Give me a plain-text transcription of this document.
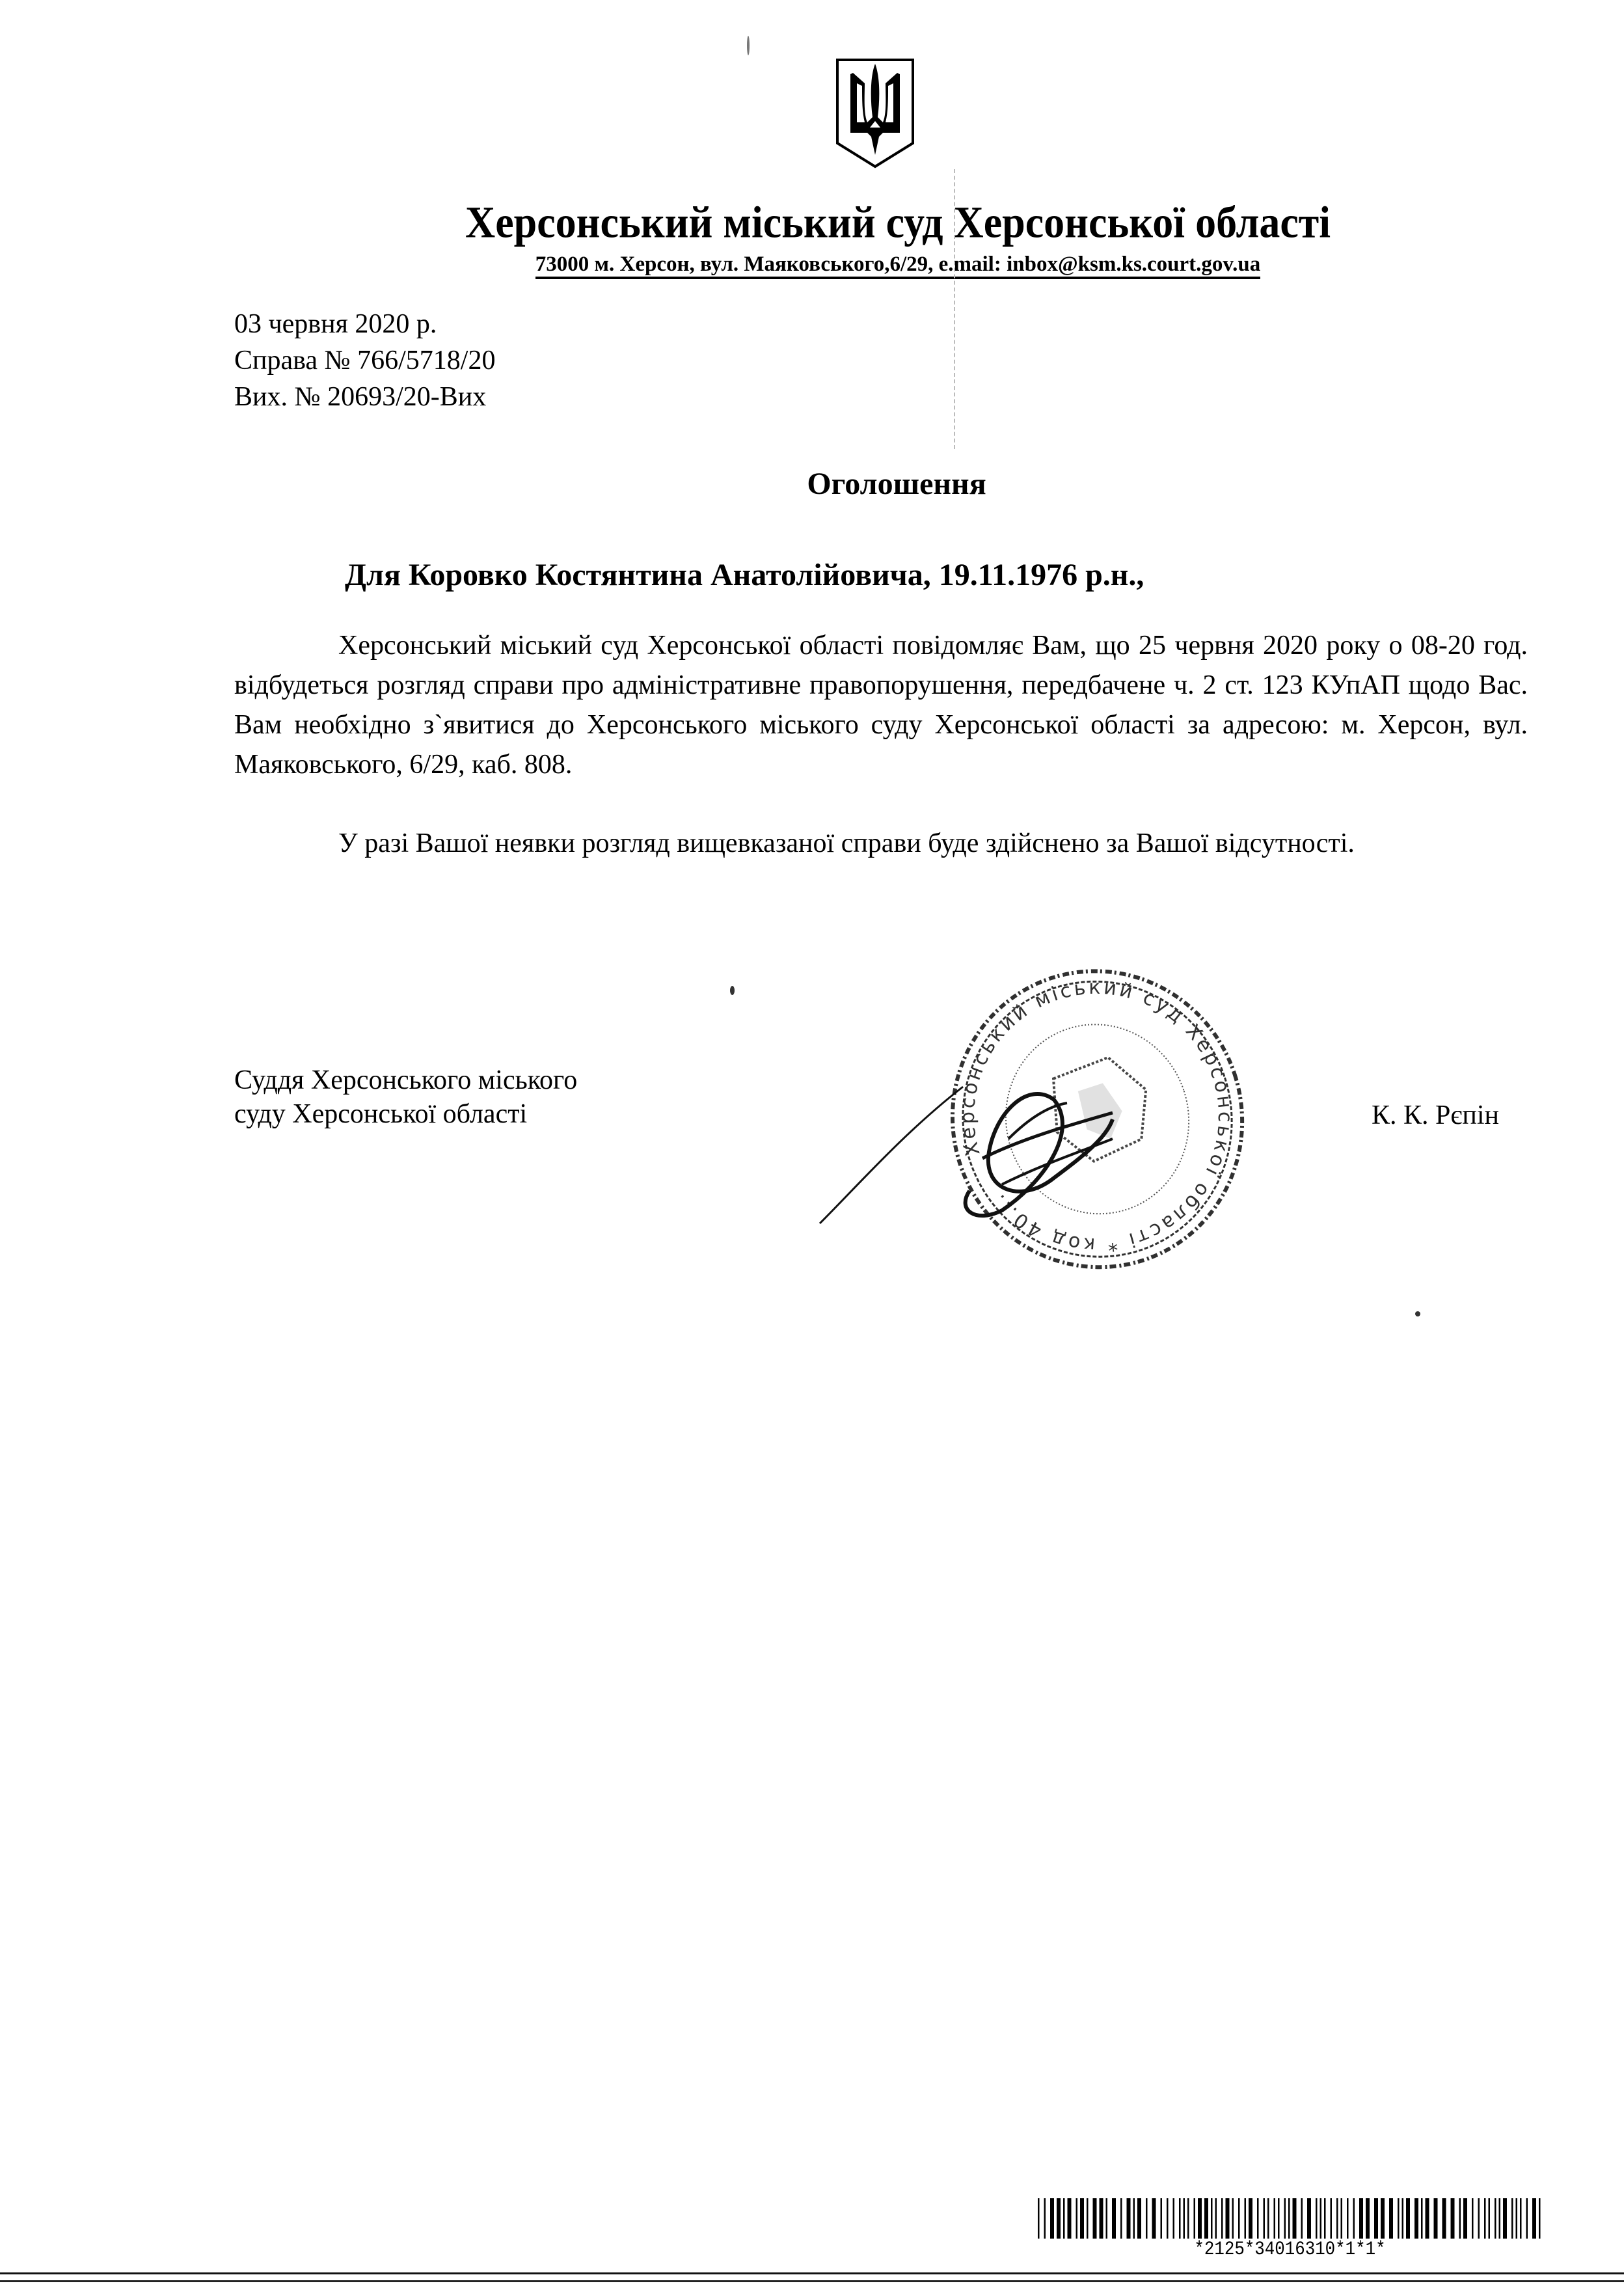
Херсонський міський суд Херсонської області
73000 м. Херсон, вул. Маяковського,6/29, e.mail: inbox@ksm.ks.court.gov.ua
03 червня 2020 р.
Справа № 766/5718/20
Вих. № 20693/20-Вих
Оголошення
Для Коровко Костянтина Анатолійовича, 19.11.1976 р.н.,

Херсонський міський суд Херсонської області повідомляє Вам, що 25 червня 2020 року о 08-20 год. відбудеться розгляд справи про адміністративне правопорушення, передбачене ч. 2 ст. 123 КУпАП щодо Вас. Вам необхідно з`явитися до Херсонського міського суду Херсонської області за адресою: м. Херсон, вул. Маяковського, 6/29, каб. 808.

У разі Вашої неявки розгляд вищевказаної справи буде здійснено за Вашої відсутності.

Суддя Херсонського міського
суду Херсонської області
Херсонський міський суд Херсонської області * код 40...
К. К. Рєпін
*2125*34016310*1*1*
